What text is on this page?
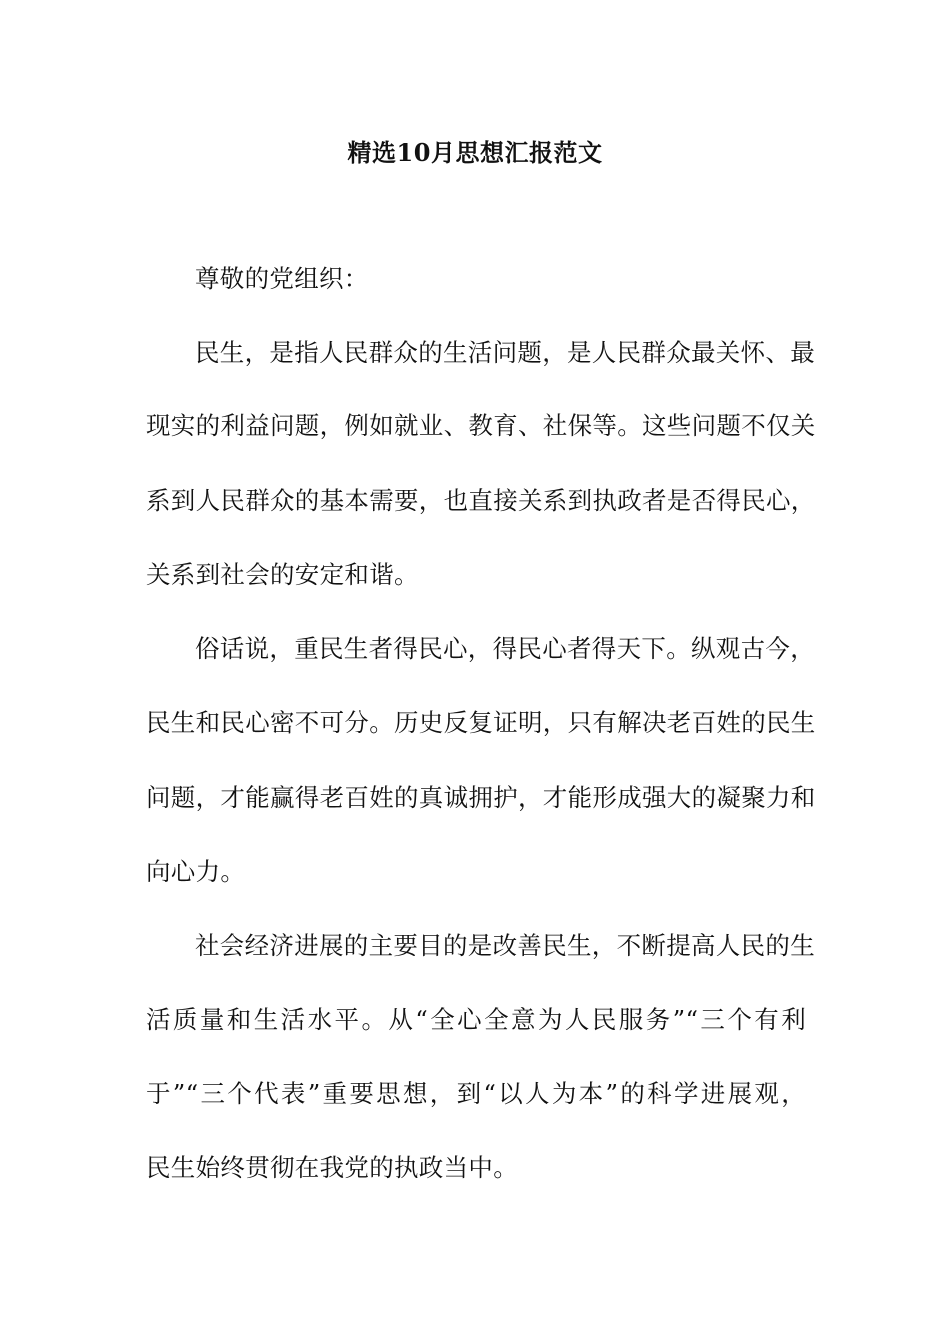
精选10月思想汇报范文

尊敬的党组织：

民生，是指人民群众的生活问题，是人民群众最关怀、最

现实的利益问题，例如就业、教育、社保等。这些问题不仅关

系到人民群众的基本需要，也直接关系到执政者是否得民心，

关系到社会的安定和谐。

俗话说，重民生者得民心，得民心者得天下。纵观古今，

民生和民心密不可分。历史反复证明，只有解决老百姓的民生

问题，才能赢得老百姓的真诚拥护，才能形成强大的凝聚力和

向心力。

社会经济进展的主要目的是改善民生，不断提高人民的生

活质量和生活水平。从“全心全意为人民服务”“三个有利

于”“三个代表”重要思想，到“以人为本”的科学进展观，

民生始终贯彻在我党的执政当中。
